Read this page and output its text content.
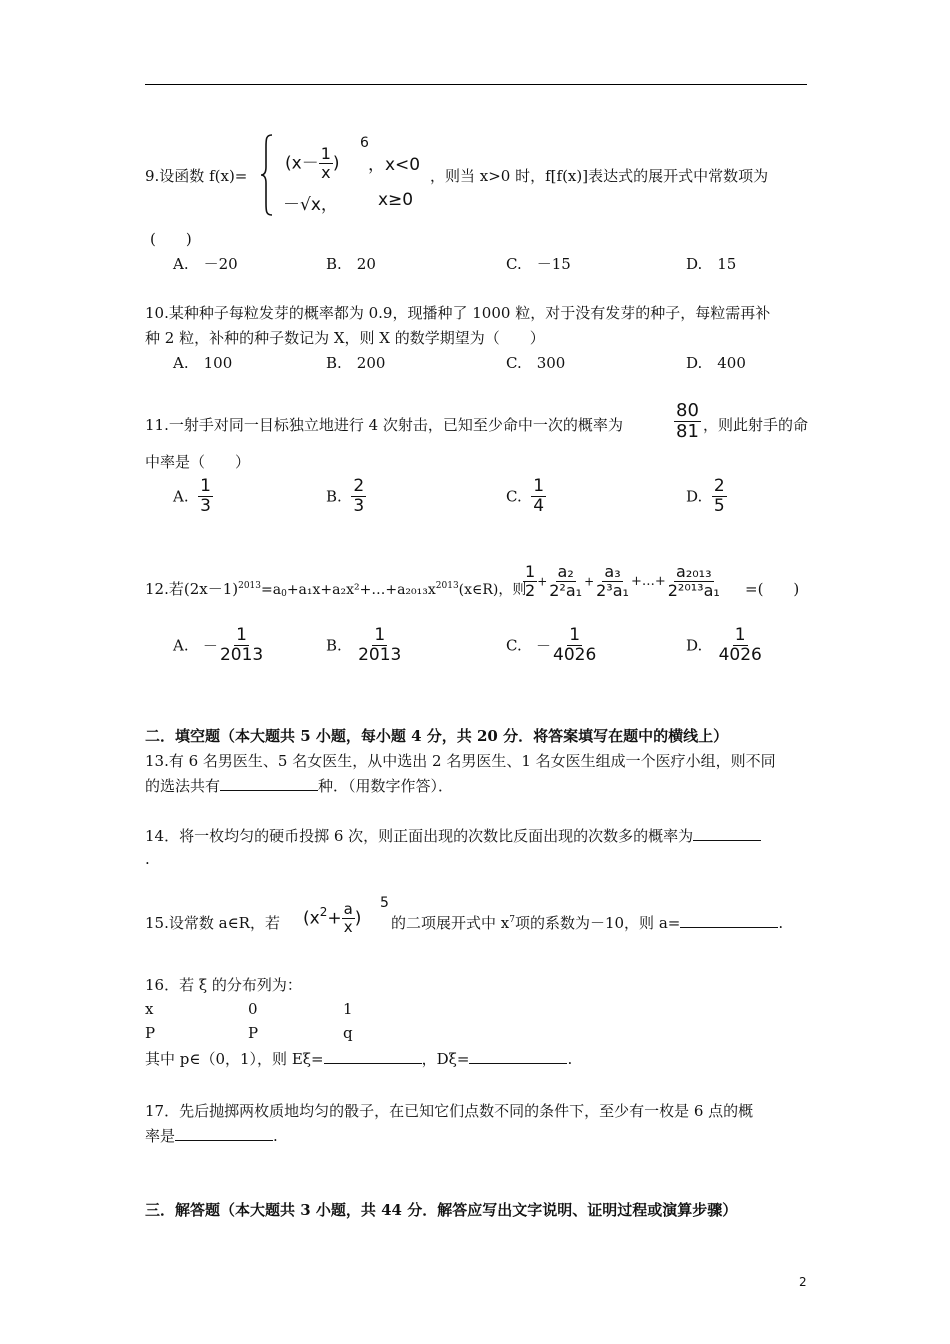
9.设函数 f(x)=
($x- \frac{1}{x}$ )
6
，x<0
－√x， x≥0
，则当 x>0 时，f[f(x)]表达式的展开式中常数项为
(　　)
A.　－20	B.　20	C.　－15	D.　15
10.某种种子每粒发芽的概率都为 0.9，现播种了 1000 粒，对于没有发芽的种子，每粒需再补
种 2 粒，补种的种子数记为 X，则 X 的数学期望为（　　）
A.　100	B.　200	C.　300	D.　400
11.一射手对同一目标独立地进行 4 次射击，已知至少命中一次的概率为	$\frac{80}{81}$ ，则此射手的命
中率是（　　）
A. $\frac{1}{3}$	B. $\frac{2}{3}$	C. $\frac{1}{4}$	D. $\frac{2}{5}$
12.若$(2x-1)^{2013}=a_0+a_1x+a_2x^2+\dots+a_{2013}x^{2013}(x\in R)$，则
$\frac{1}{2} + \frac{\text{a₂}}{\text{2²a₁}} + \frac{\text{a₃}}{\text{2³a₁}}$ +…+ $\frac{\text{a₂₀₁₃}}{\text{2²⁰¹³a₁}}$ =(　　)
A. － $\frac{1}{2013}$	B. $\frac{1}{2013}$	C. － $\frac{1}{4026}$	D. $\frac{1}{4026}$
二．填空题（本大题共 5 小题，每小题 4 分，共 20 分．将答案填写在题中的横线上）
13.有 6 名男医生、5 名女医生，从中选出 2 名男医生、1 名女医生组成一个医疗小组，则不同
的选法共有	种．（用数字作答）．
14．将一枚均匀的硬币投掷 6 次，则正面出现的次数比反面出现的次数多的概率为
.
15.设常数 a∈R，若 ($x^2+ \frac{a}{x}$ )
5
的二项展开式中 $x^7$项的系数为－10，则 a=	.
16．若 ξ 的分布列为：
x	0	1
P	P	q
其中 p∈（0，1），则 Eξ=	，Dξ=	.
17．先后抛掷两枚质地均匀的骰子，在已知它们点数不同的条件下，至少有一枚是 6 点的概
率是	.
三．解答题（本大题共 3 小题，共 44 分．解答应写出文字说明、证明过程或演算步骤）
2
